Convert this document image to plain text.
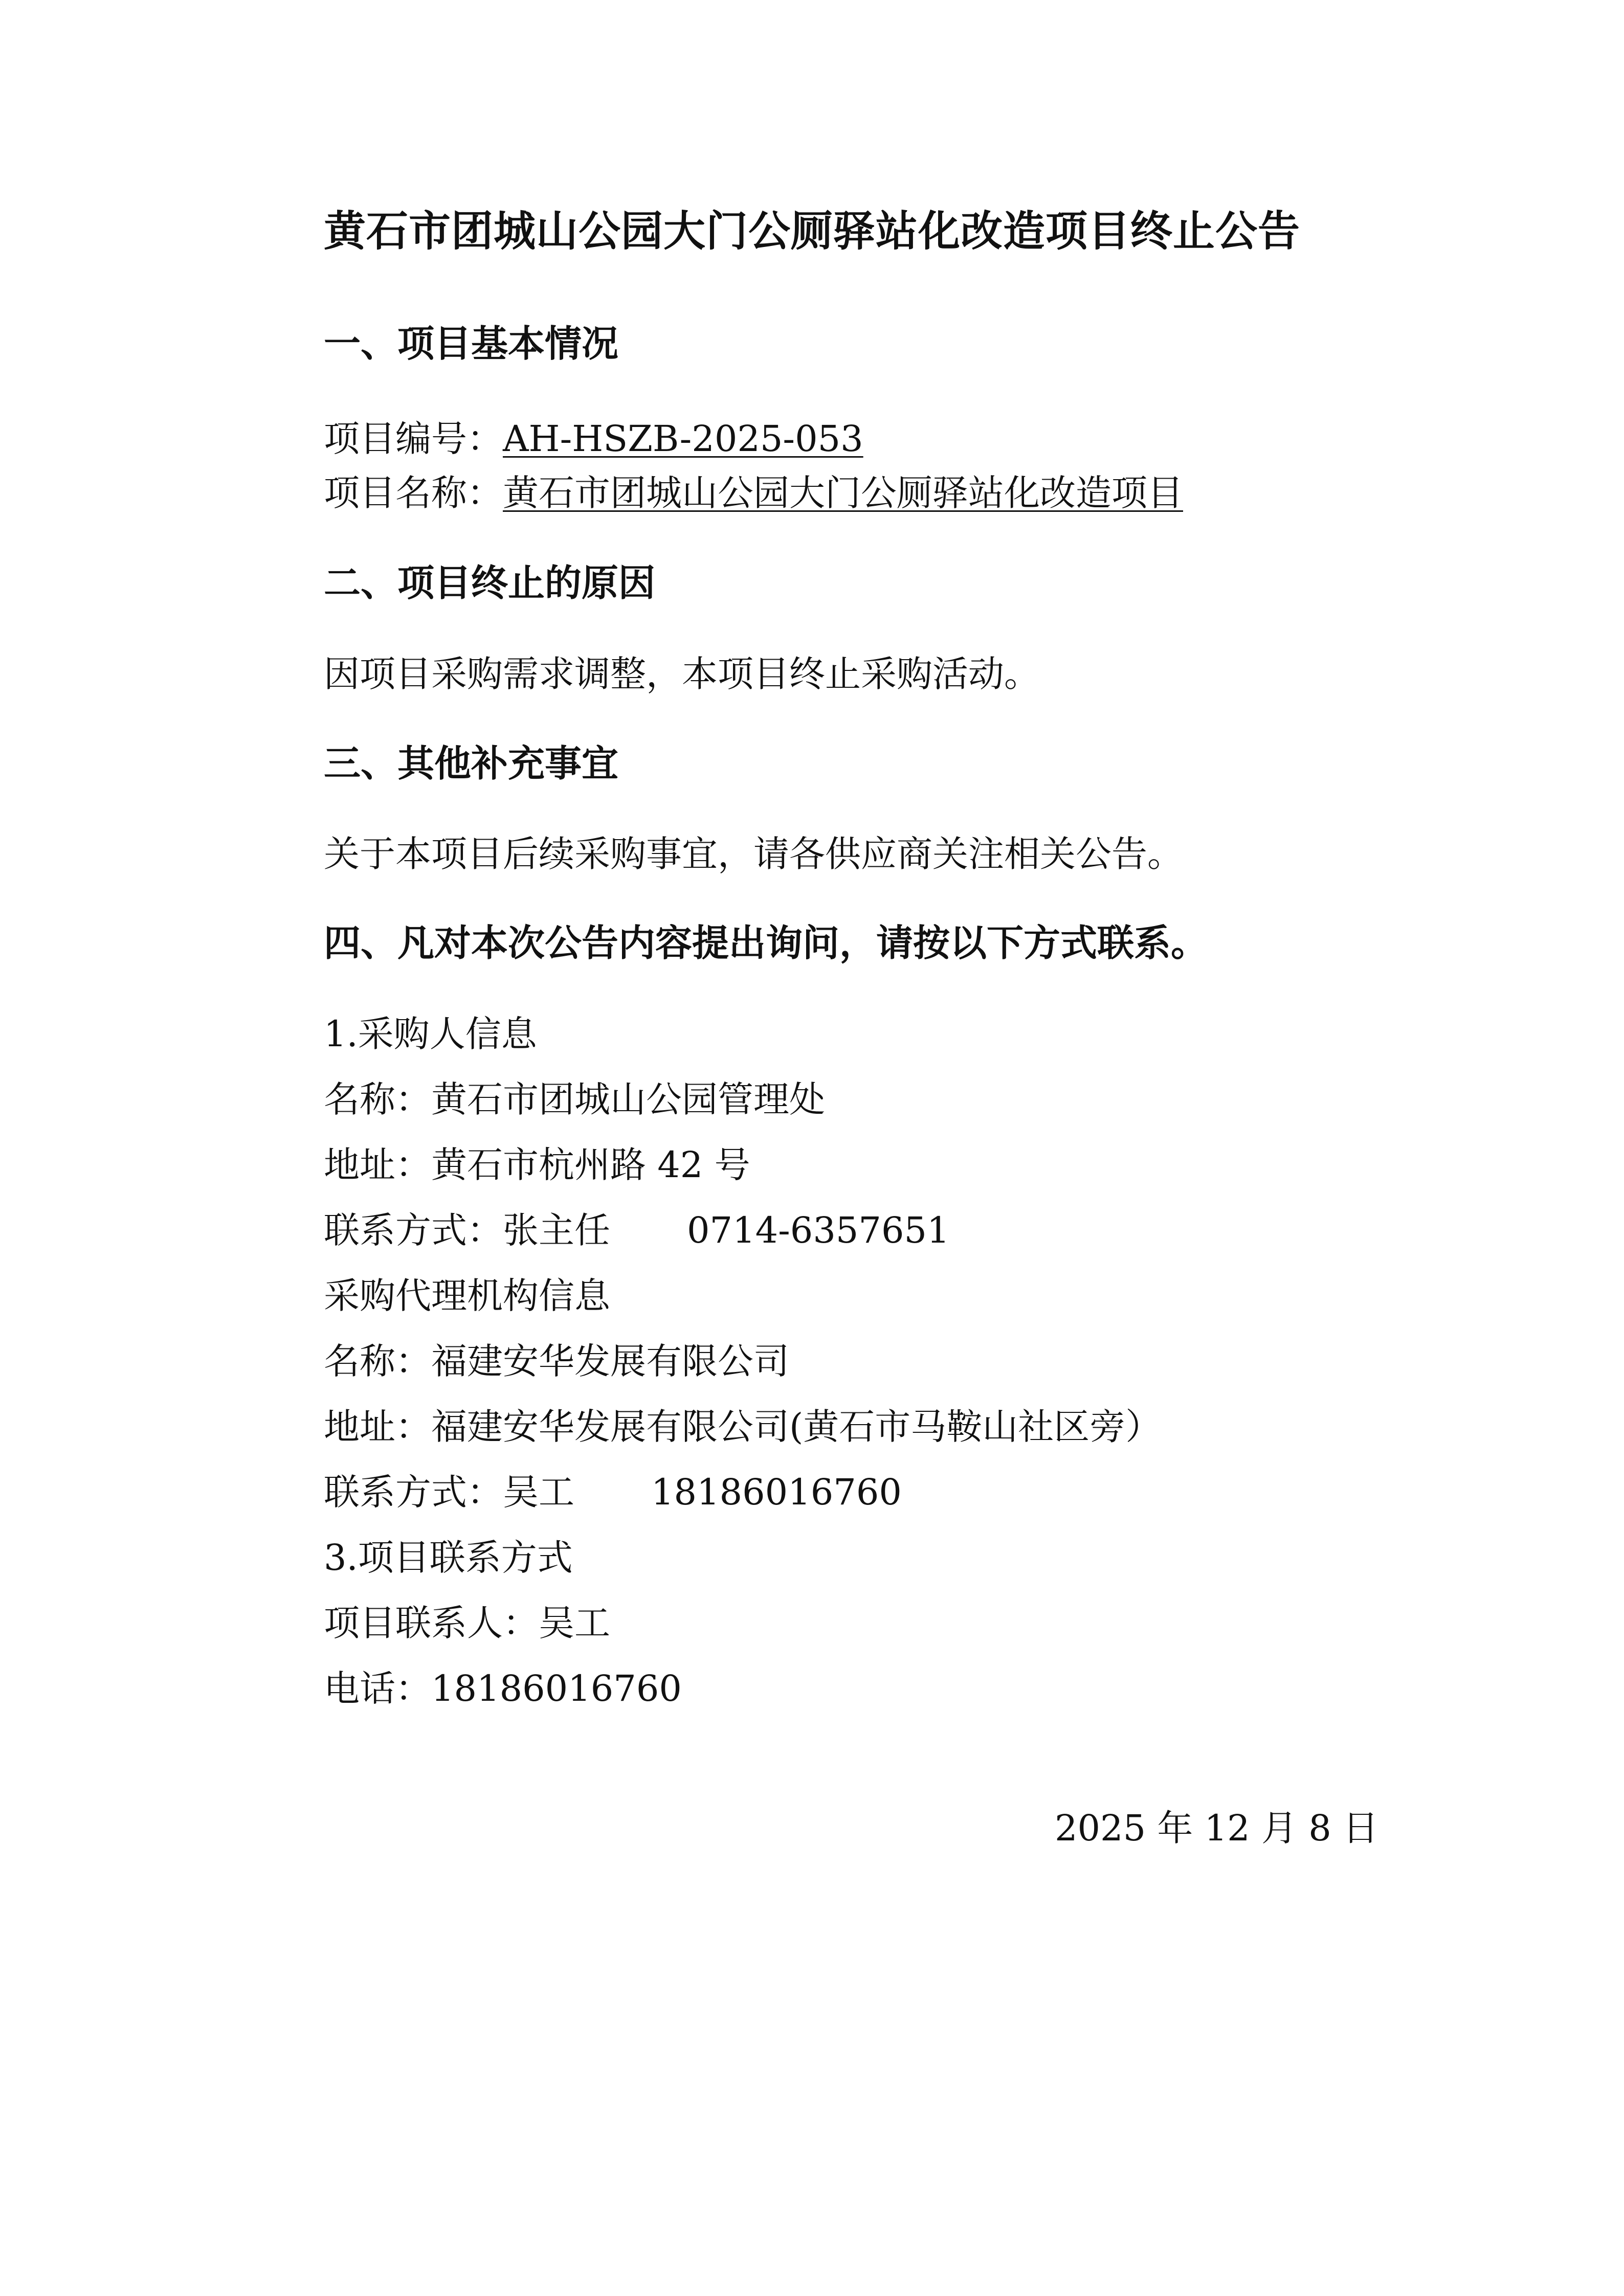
黄石市团城山公园大门公厕驿站化改造项目终止公告
一、项目基本情况
项目编号：AH-HSZB-2025-053
项目名称：黄石市团城山公园大门公厕驿站化改造项目
二、项目终止的原因
因项目采购需求调整，本项目终止采购活动。
三、其他补充事宜
关于本项目后续采购事宜，请各供应商关注相关公告。
四、凡对本次公告内容提出询问，请按以下方式联系。
1.采购人信息
名称：黄石市团城山公园管理处
地址：黄石市杭州路 42 号
联系方式：张主任 0714-6357651
采购代理机构信息
名称：福建安华发展有限公司
地址：福建安华发展有限公司(黄石市马鞍山社区旁）
联系方式：吴工 18186016760
3.项目联系方式
项目联系人：吴工
电话：18186016760
2025 年 12 月 8 日
